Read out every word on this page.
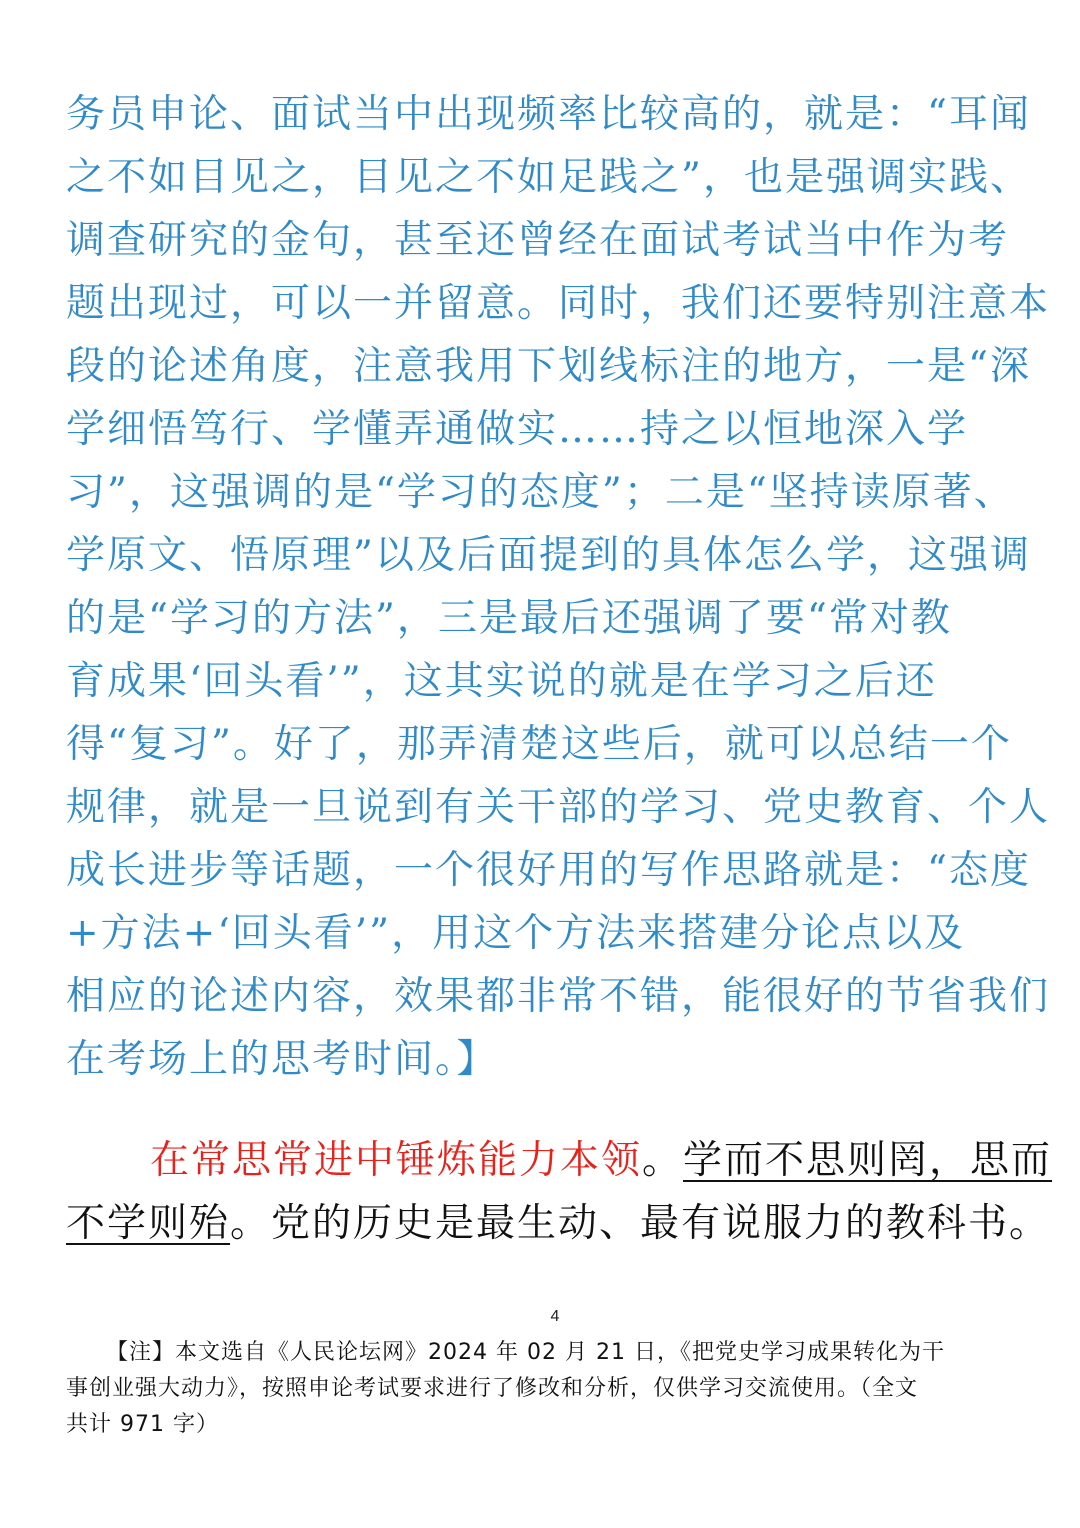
务员申论、面试当中出现频率比较高的，就是：“耳闻
之不如目见之，目见之不如足践之”，也是强调实践、
调查研究的金句，甚至还曾经在面试考试当中作为考
题出现过，可以一并留意。同时，我们还要特别注意本
段的论述角度，注意我用下划线标注的地方，一是“深
学细悟笃行、学懂弄通做实……持之以恒地深入学
习”，这强调的是“学习的态度”；二是“坚持读原著、
学原文、悟原理”以及后面提到的具体怎么学，这强调
的是“学习的方法”，三是最后还强调了要“常对教
育成果‘回头看’”，这其实说的就是在学习之后还
得“复习”。好了，那弄清楚这些后，就可以总结一个
规律，就是一旦说到有关干部的学习、党史教育、个人
成长进步等话题，一个很好用的写作思路就是：“态度
+方法+‘回头看’”，用这个方法来搭建分论点以及
相应的论述内容，效果都非常不错，能很好的节省我们
在考场上的思考时间。】
在常思常进中锤炼能力本领。学而不思则罔，思而
不学则殆。党的历史是最生动、最有说服力的教科书。
4
【注】本文选自《人民论坛网》2024 年 02 月 21 日，《把党史学习成果转化为干
事创业强大动力》，按照申论考试要求进行了修改和分析，仅供学习交流使用。（全文
共计 971 字）
